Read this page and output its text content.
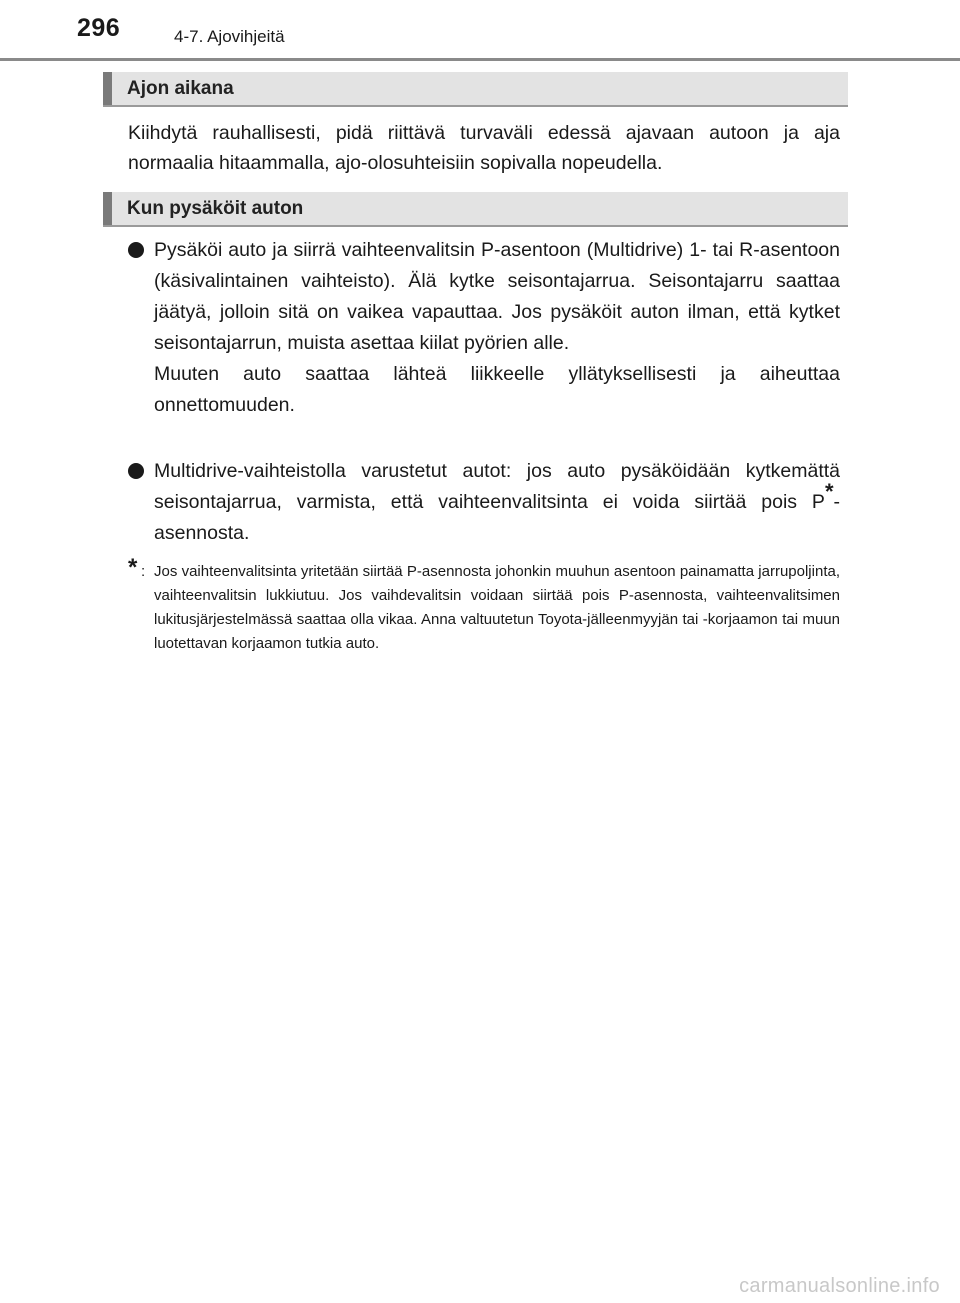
296	4-7. Ajovihjeitä
Ajon aikana
Kiihdytä rauhallisesti, pidä riittävä turvaväli edessä ajavaan autoon ja aja normaalia hitaammalla, ajo-olosuhteisiin sopivalla nopeudella.
Kun pysäköit auton
Pysäköi auto ja siirrä vaihteenvalitsin P-asentoon (Multidrive) 1- tai R-asentoon (käsivalintainen vaihteisto). Älä kytke seisontajarrua. Seisontajarru saattaa jäätyä, jolloin sitä on vaikea vapauttaa. Jos pysäköit auton ilman, että kytket seisontajarrun, muista asettaa kiilat pyörien alle.
Muuten auto saattaa lähteä liikkeelle yllätyksellisesti ja aiheuttaa onnettomuuden.
Multidrive-vaihteistolla varustetut autot: jos auto pysäköidään kytkemättä seisontajarrua, varmista, että vaihteenvalitsinta ei voida siirtää pois P*-asennosta.
* : Jos vaihteenvalitsinta yritetään siirtää P-asennosta johonkin muuhun asentoon painamatta jarrupoljinta, vaihteenvalitsin lukkiutuu. Jos vaihdevalitsin voidaan siirtää pois P-asennosta, vaihteenvalitsimen lukitusjärjestelmässä saattaa olla vikaa. Anna valtuutetun Toyota-jälleenmyyjän tai -korjaamon tai muun luotettavan korjaamon tutkia auto.
carmanualsonline.info
